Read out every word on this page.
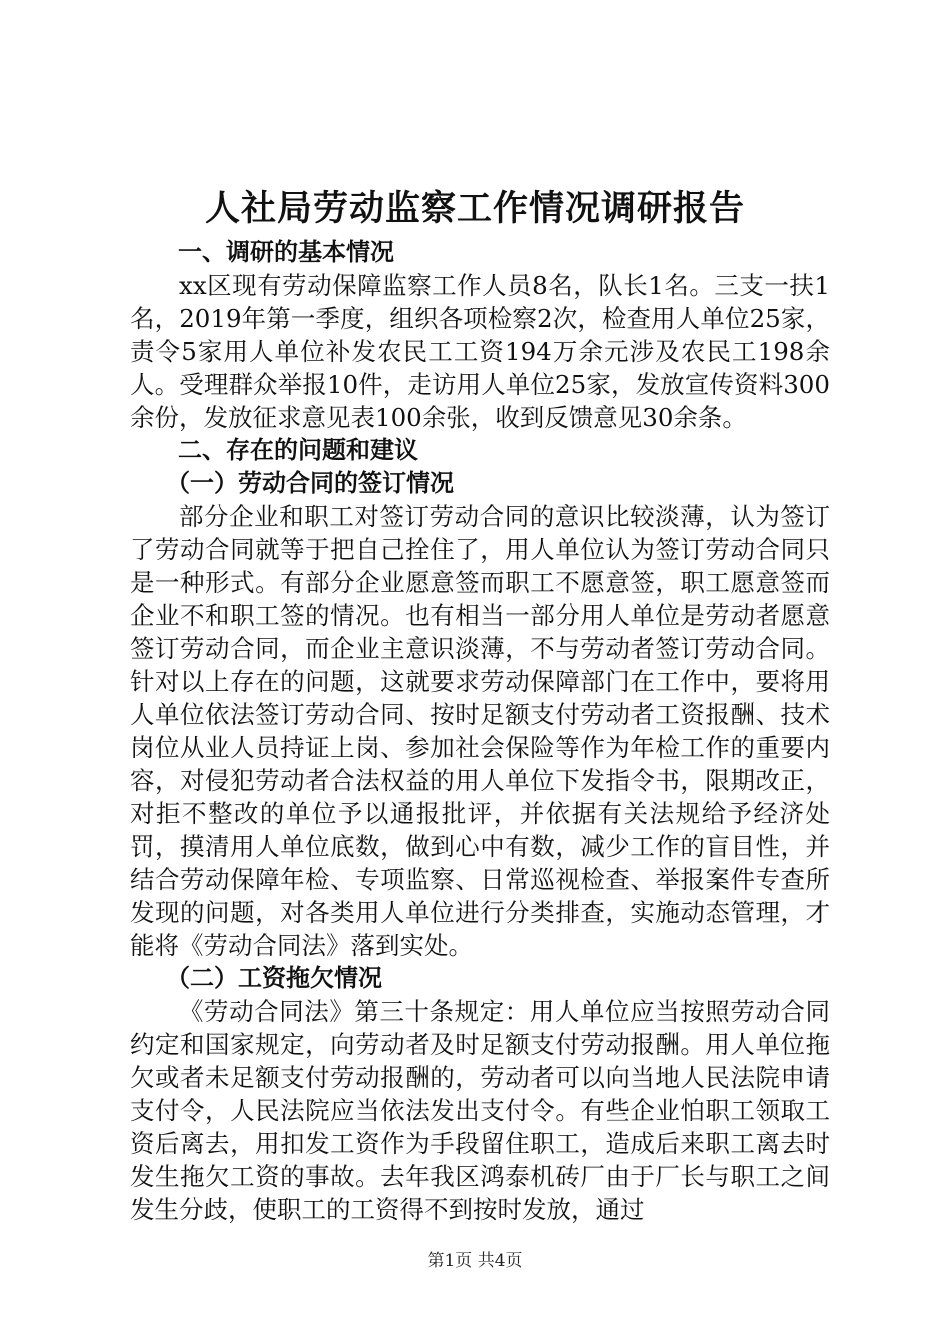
人社局劳动监察工作情况调研报告

一、调研的基本情况

xx区现有劳动保障监察工作人员8名，队长1名。三支一扶1名，2019年第一季度，组织各项检察2次，检查用人单位25家，责令5家用人单位补发农民工工资194万余元涉及农民工198余人。受理群众举报10件，走访用人单位25家，发放宣传资料300余份，发放征求意见表100余张，收到反馈意见30余条。

二、存在的问题和建议

（一）劳动合同的签订情况

部分企业和职工对签订劳动合同的意识比较淡薄，认为签订了劳动合同就等于把自己拴住了，用人单位认为签订劳动合同只是一种形式。有部分企业愿意签而职工不愿意签，职工愿意签而企业不和职工签的情况。也有相当一部分用人单位是劳动者愿意签订劳动合同，而企业主意识淡薄，不与劳动者签订劳动合同。针对以上存在的问题，这就要求劳动保障部门在工作中，要将用人单位依法签订劳动合同、按时足额支付劳动者工资报酬、技术岗位从业人员持证上岗、参加社会保险等作为年检工作的重要内容，对侵犯劳动者合法权益的用人单位下发指令书，限期改正，对拒不整改的单位予以通报批评，并依据有关法规给予经济处罚，摸清用人单位底数，做到心中有数，减少工作的盲目性，并结合劳动保障年检、专项监察、日常巡视检查、举报案件专查所发现的问题，对各类用人单位进行分类排查，实施动态管理，才能将《劳动合同法》落到实处。

（二）工资拖欠情况

《劳动合同法》第三十条规定：用人单位应当按照劳动合同约定和国家规定，向劳动者及时足额支付劳动报酬。用人单位拖欠或者未足额支付劳动报酬的，劳动者可以向当地人民法院申请支付令，人民法院应当依法发出支付令。有些企业怕职工领取工资后离去，用扣发工资作为手段留住职工，造成后来职工离去时发生拖欠工资的事故。去年我区鸿泰机砖厂由于厂长与职工之间发生分歧，使职工的工资得不到按时发放，通过

第1页 共4页
